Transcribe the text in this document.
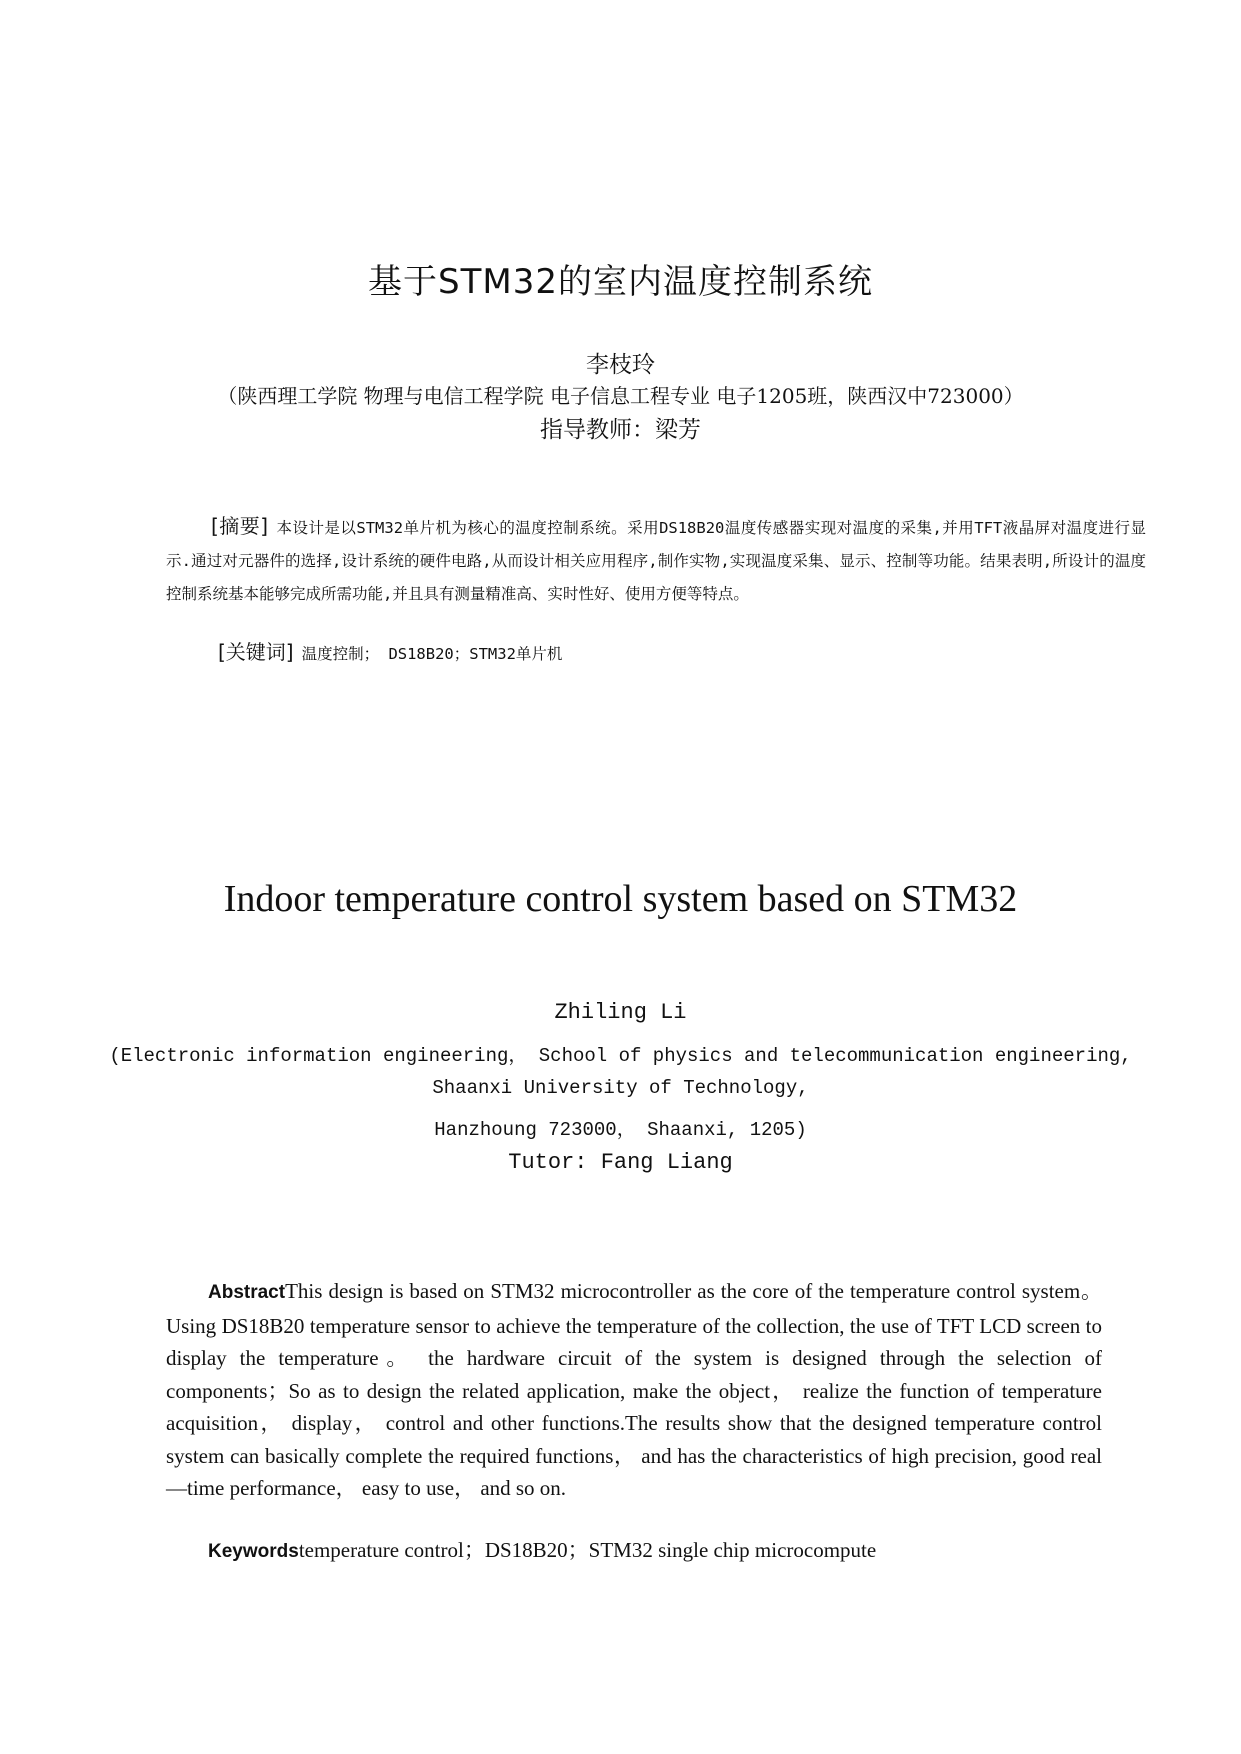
基于STM32的室内温度控制系统
李枝玲
（陕西理工学院 物理与电信工程学院 电子信息工程专业 电子1205班，陕西汉中723000）
指导教师：梁芳
[摘要] 本设计是以STM32单片机为核心的温度控制系统。采用DS18B20温度传感器实现对温度的采集,并用TFT液晶屏对温度进行显示.通过对元器件的选择,设计系统的硬件电路,从而设计相关应用程序,制作实物,实现温度采集、显示、控制等功能。结果表明,所设计的温度控制系统基本能够完成所需功能,并且具有测量精准高、实时性好、使用方便等特点。
[关键词] 温度控制； DS18B20；STM32单片机
Indoor temperature control system based on STM32
Zhiling Li
(Electronic information engineering， School of physics and telecommunication engineering,
Shaanxi University of Technology,
Hanzhoung 723000， Shaanxi, 1205)
Tutor: Fang Liang
AbstractThis design is based on STM32 microcontroller as the core of the temperature control system。Using DS18B20 temperature sensor to achieve the temperature of the collection, the use of TFT LCD screen to display the temperature。 the hardware circuit of the system is designed through the selection of components；So as to design the related application, make the object， realize the function of temperature acquisition， display， control and other functions.The results show that the designed temperature control system can basically complete the required functions， and has the characteristics of high precision, good real—time performance， easy to use， and so on.
Keywordstemperature control；DS18B20；STM32 single chip microcompute
